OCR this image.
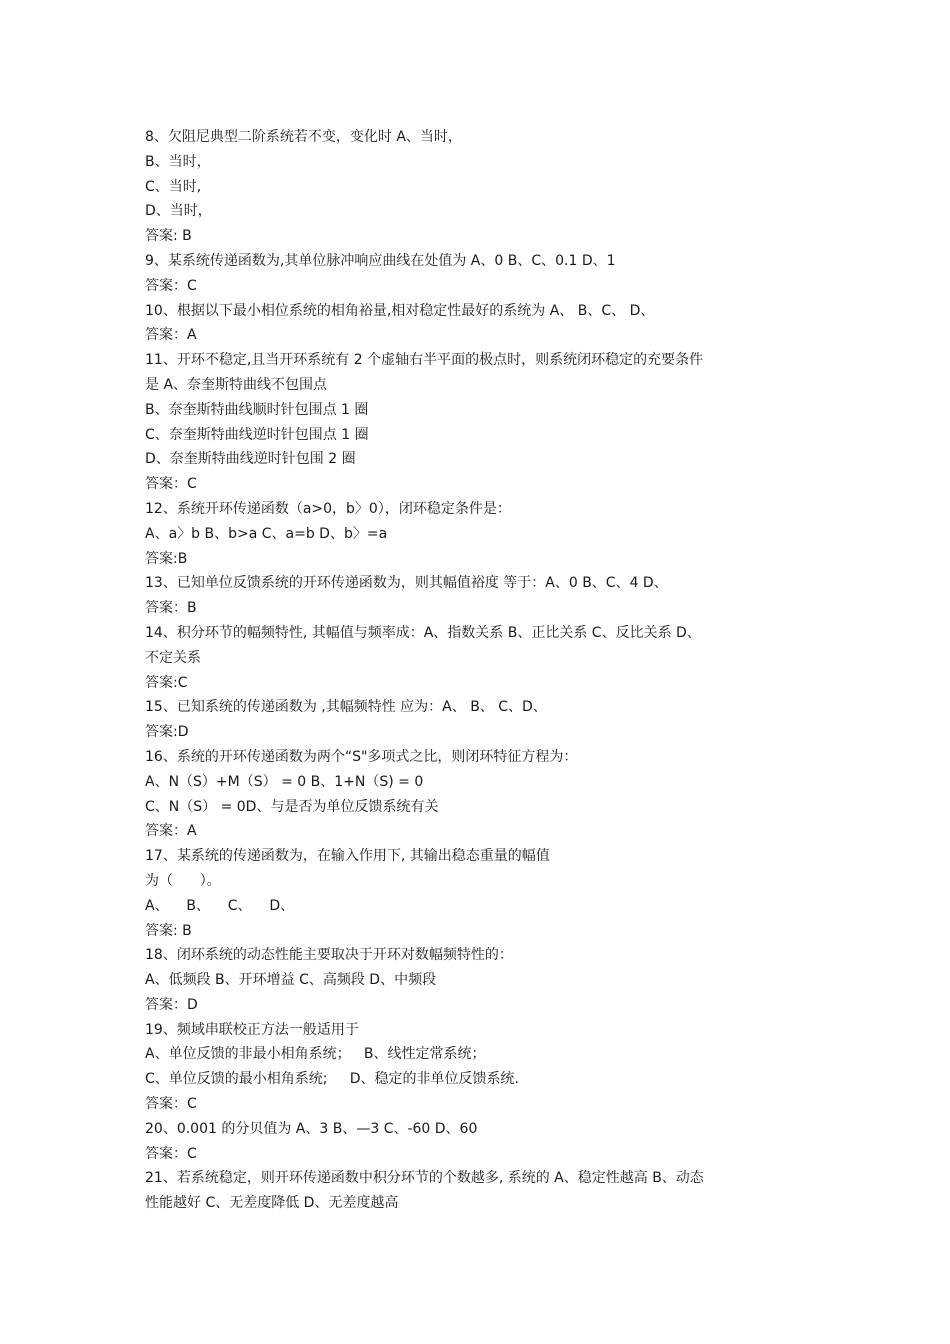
8、欠阻尼典型二阶系统若不变，变化时 A、当时，
B、当时，
C、当时,
D、当时，
答案: B
9、某系统传递函数为,其单位脉冲响应曲线在处值为 A、0 B、C、0.1 D、1
答案：C
10、根据以下最小相位系统的相角裕量,相对稳定性最好的系统为 A、 B、C、 D、
答案：A
11、开环不稳定,且当开环系统有 2 个虚轴右半平面的极点时，则系统闭环稳定的充要条件
是 A、奈奎斯特曲线不包围点
B、奈奎斯特曲线顺时针包围点 1 圈
C、奈奎斯特曲线逆时针包围点 1 圈
D、奈奎斯特曲线逆时针包围 2 圈
答案：C
12、系统开环传递函数（a>0，b〉0），闭环稳定条件是：
A、a〉b B、b>a C、a=b D、b〉=a
答案:B
13、已知单位反馈系统的开环传递函数为，则其幅值裕度 等于：A、0 B、C、4 D、
答案：B
14、积分环节的幅频特性, 其幅值与频率成：A、指数关系 B、正比关系 C、反比关系 D、
不定关系
答案:C
15、已知系统的传递函数为 ,其幅频特性 应为：A、 B、 C、D、
答案:D
16、系统的开环传递函数为两个“S"多项式之比，则闭环特征方程为：
A、N（S）+M（S） = 0 B、1+N（S) = 0
C、N（S） = 0D、与是否为单位反馈系统有关
答案：A
17、某系统的传递函数为，在输入作用下, 其输出稳态重量的幅值
为（      ）。
A、    B、    C、    D、
答案: B
18、闭环系统的动态性能主要取决于开环对数幅频特性的：
A、低频段 B、开环增益 C、高频段 D、中频段
答案：D
19、频域串联校正方法一般适用于
A、单位反馈的非最小相角系统；   B、线性定常系统；
C、单位反馈的最小相角系统;     D、稳定的非单位反馈系统.
答案：C
20、0.001 的分贝值为 A、3 B、—3 C、-60 D、60
答案：C
21、若系统稳定，则开环传递函数中积分环节的个数越多, 系统的 A、稳定性越高 B、动态
性能越好 C、无差度降低 D、无差度越高
